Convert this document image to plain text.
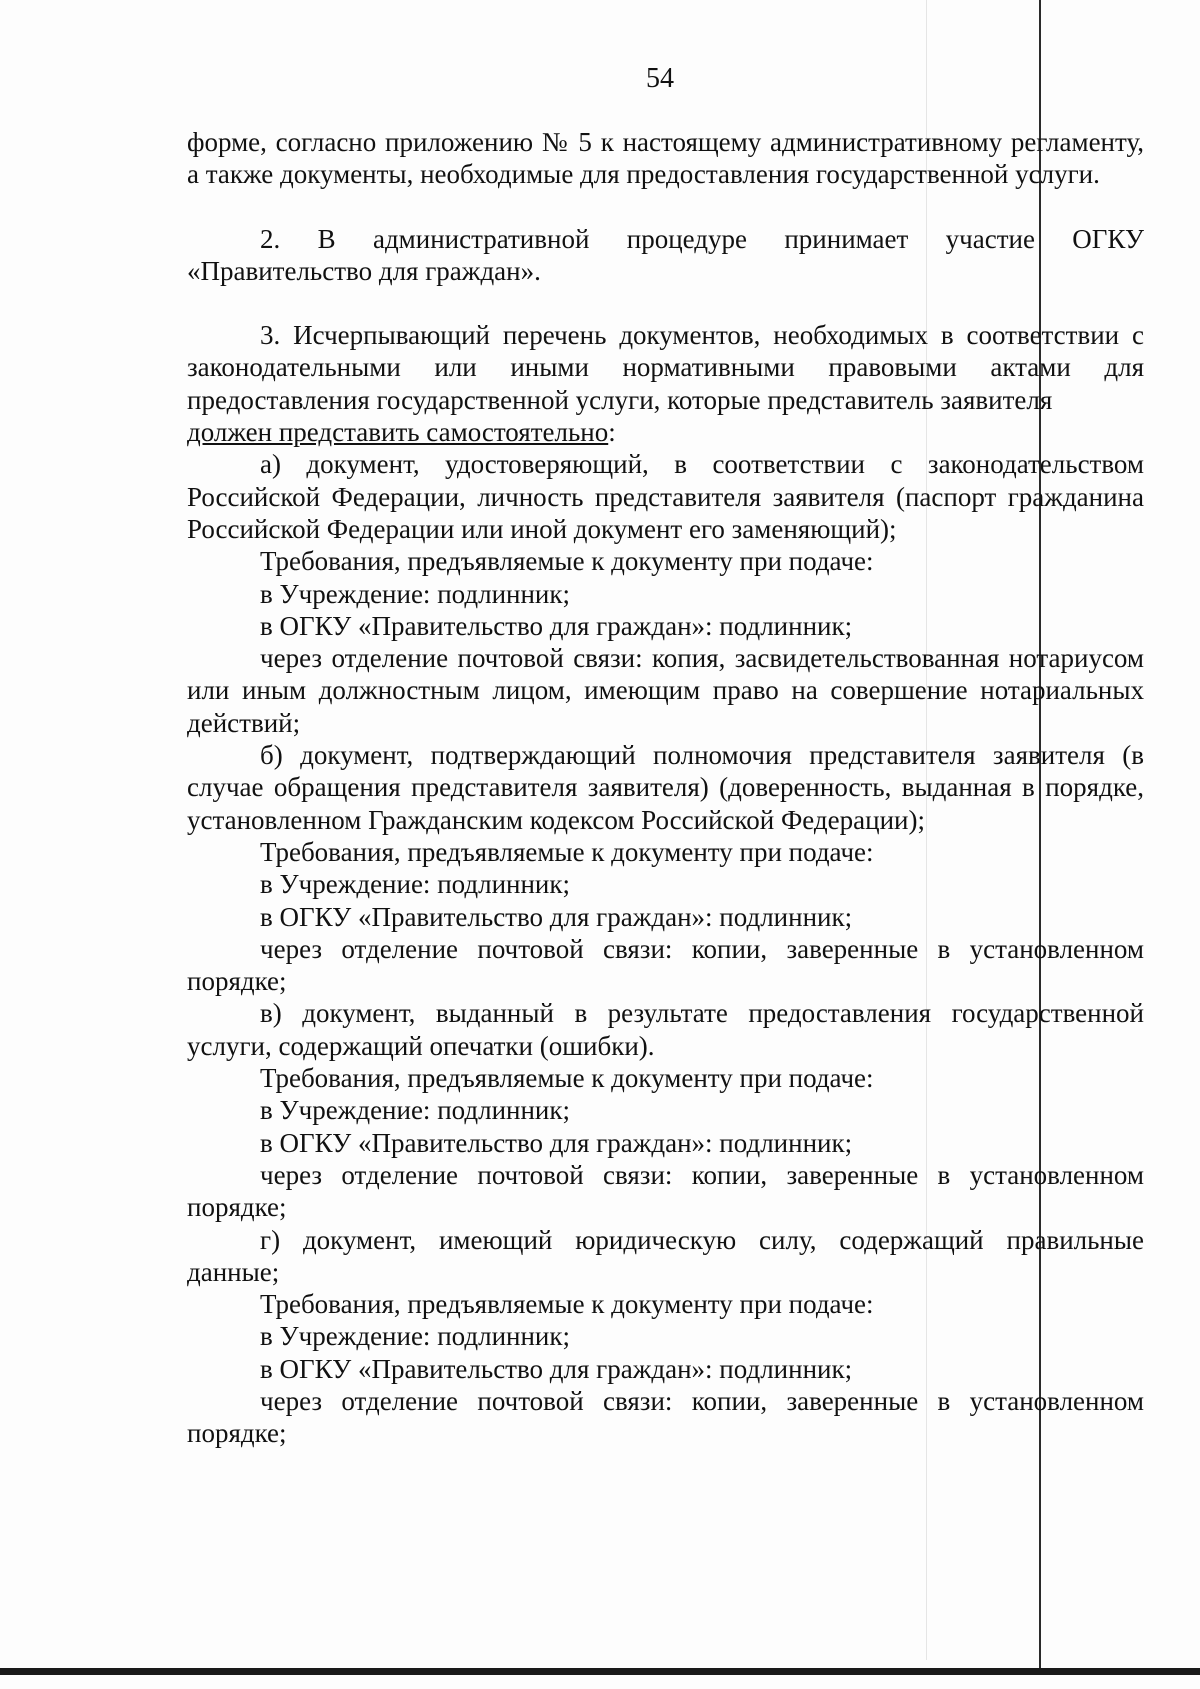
54

форме, согласно приложению № 5 к настоящему административному регламенту, а также документы, необходимые для предоставления государственной услуги.

2. В административной процедуре принимает участие ОГКУ «Правительство для граждан».

3. Исчерпывающий перечень документов, необходимых в соответствии с законодательными или иными нормативными правовыми актами для предоставления государственной услуги, которые представитель заявителя
должен представить самостоятельно:

а) документ, удостоверяющий, в соответствии с законодательством Российской Федерации, личность представителя заявителя (паспорт гражданина Российской Федерации или иной документ его заменяющий);

Требования, предъявляемые к документу при подаче:

в Учреждение: подлинник;

в ОГКУ «Правительство для граждан»: подлинник;

через отделение почтовой связи: копия, засвидетельствованная нотариусом или иным должностным лицом, имеющим право на совершение нотариальных действий;

б) документ, подтверждающий полномочия представителя заявителя (в случае обращения представителя заявителя) (доверенность, выданная в порядке, установленном Гражданским кодексом Российской Федерации);

Требования, предъявляемые к документу при подаче:

в Учреждение: подлинник;

в ОГКУ «Правительство для граждан»: подлинник;

через отделение почтовой связи: копии, заверенные в установленном порядке;

в) документ, выданный в результате предоставления государственной услуги, содержащий опечатки (ошибки).

Требования, предъявляемые к документу при подаче:

в Учреждение: подлинник;

в ОГКУ «Правительство для граждан»: подлинник;

через отделение почтовой связи: копии, заверенные в установленном порядке;

г) документ, имеющий юридическую силу, содержащий правильные данные;

Требования, предъявляемые к документу при подаче:

в Учреждение: подлинник;

в ОГКУ «Правительство для граждан»: подлинник;

через отделение почтовой связи: копии, заверенные в установленном порядке;
